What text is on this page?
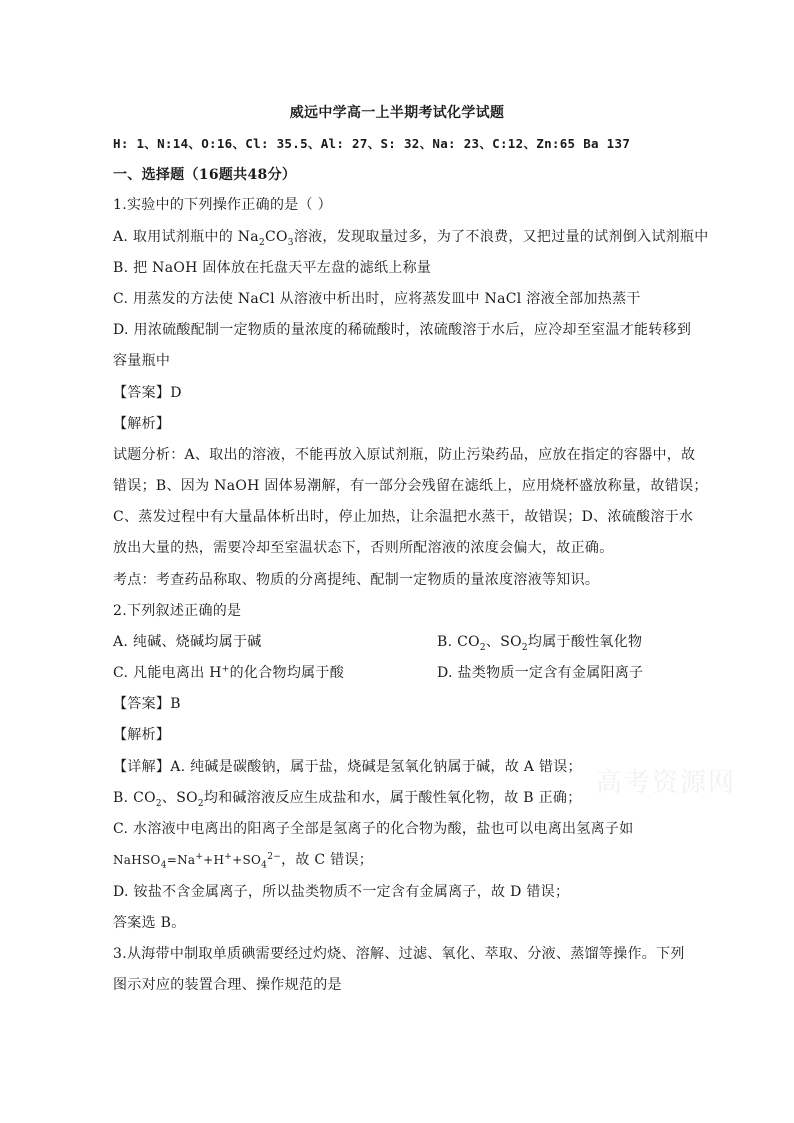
威远中学高一上半期考试化学试题
H: 1、N:14、O:16、Cl: 35.5、Al: 27、S: 32、Na: 23、C:12、Zn:65 Ba 137
一、选择题（16题共48分）
1.实验中的下列操作正确的是（ ）
A. 取用试剂瓶中的 $Na_2CO_3$溶液，发现取量过多，为了不浪费，又把过量的试剂倒入试剂瓶中
B. 把 NaOH 固体放在托盘天平左盘的滤纸上称量
C. 用蒸发的方法使 NaCl 从溶液中析出时，应将蒸发皿中 NaCl 溶液全部加热蒸干
D. 用浓硫酸配制一定物质的量浓度的稀硫酸时，浓硫酸溶于水后，应冷却至室温才能转移到
容量瓶中
【答案】D
【解析】
试题分析：A、取出的溶液，不能再放入原试剂瓶，防止污染药品，应放在指定的容器中，故
错误；B、因为 NaOH 固体易潮解，有一部分会残留在滤纸上，应用烧杯盛放称量，故错误；
C、蒸发过程中有大量晶体析出时，停止加热，让余温把水蒸干，故错误；D、浓硫酸溶于水
放出大量的热，需要冷却至室温状态下，否则所配溶液的浓度会偏大，故正确。
考点：考查药品称取、物质的分离提纯、配制一定物质的量浓度溶液等知识。
2.下列叙述正确的是
A. 纯碱、烧碱均属于碱	B. $CO_2$、$SO_2$均属于酸性氧化物
C. 凡能电离出 H+的化合物均属于酸	D. 盐类物质一定含有金属阳离子
【答案】B
【解析】
【详解】A. 纯碱是碳酸钠，属于盐，烧碱是氢氧化钠属于碱，故 A 错误；
B. $CO_2$、$SO_2$均和碱溶液反应生成盐和水，属于酸性氧化物，故 B 正确；
C. 水溶液中电离出的阳离子全部是氢离子的化合物为酸，盐也可以电离出氢离子如
$NaHSO_4=Na^++H^++SO_4^{2-}$，故 C 错误；
D. 铵盐不含金属离子，所以盐类物质不一定含有金属离子，故 D 错误；
答案选 B。
3.从海带中制取单质碘需要经过灼烧、溶解、过滤、氧化、萃取、分液、蒸馏等操作。下列
图示对应的装置合理、操作规范的是
高考资源网
